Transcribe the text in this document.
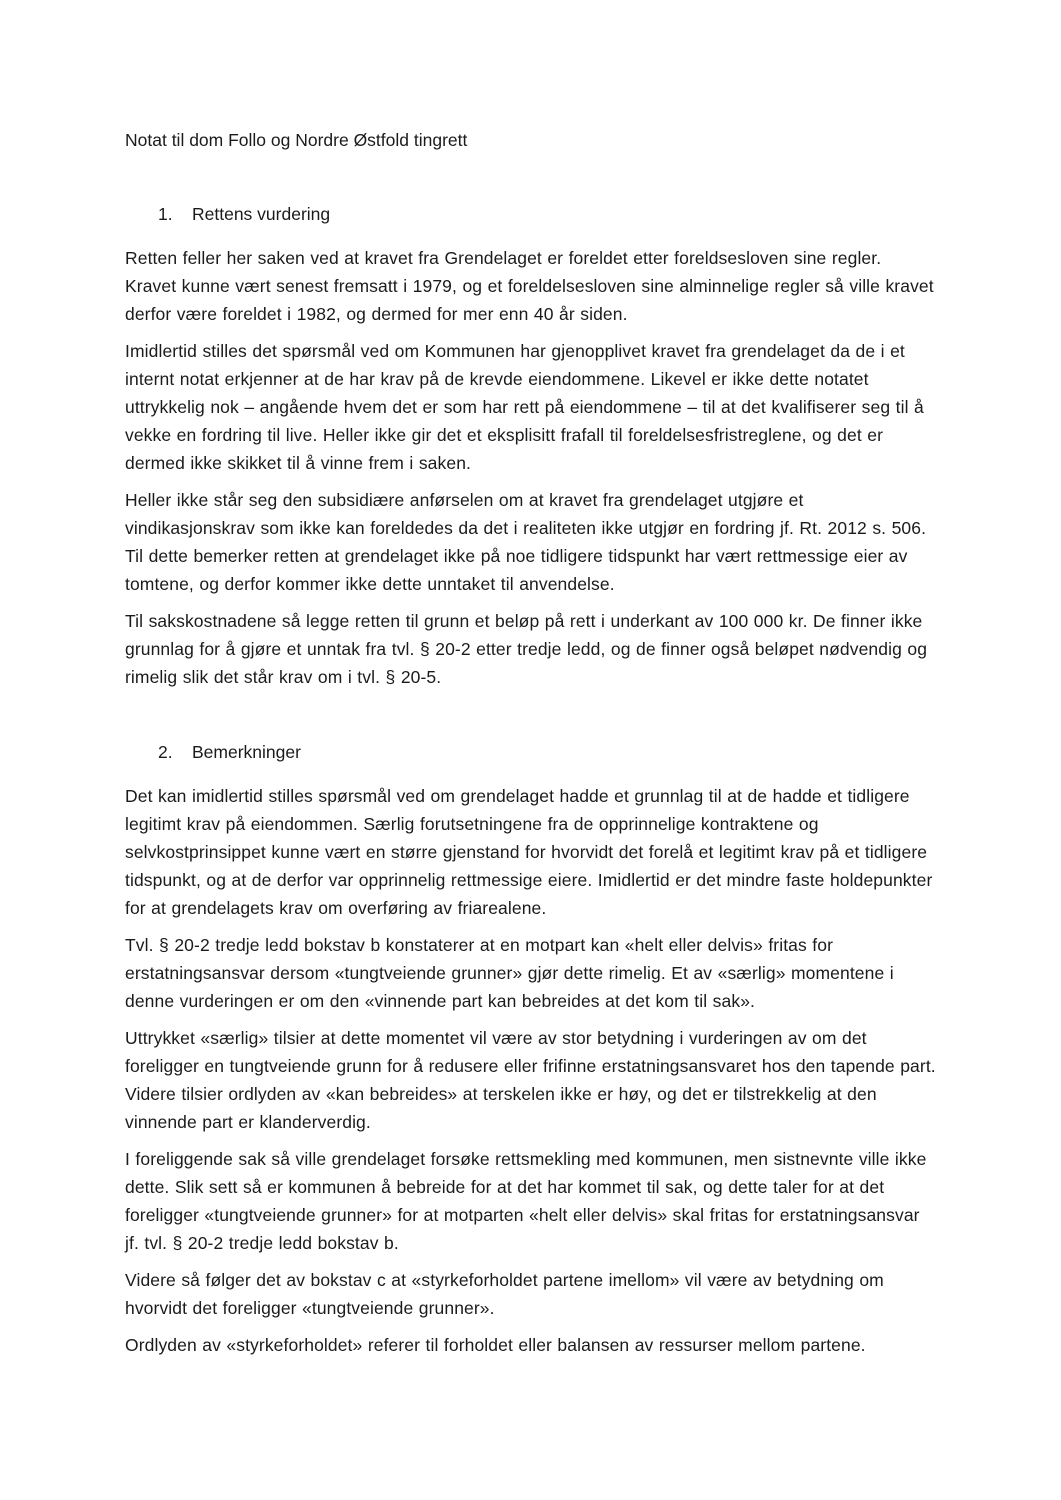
Notat til dom Follo og Nordre Østfold tingrett

1.	Rettens vurdering

Retten feller her saken ved at kravet fra Grendelaget er foreldet etter foreldsesloven sine regler. Kravet kunne vært senest fremsatt i 1979, og et foreldelsesloven sine alminnelige regler så ville kravet derfor være foreldet i 1982, og dermed for mer enn 40 år siden.

Imidlertid stilles det spørsmål ved om Kommunen har gjenopplivet kravet fra grendelaget da de i et internt notat erkjenner at de har krav på de krevde eiendommene. Likevel er ikke dette notatet uttrykkelig nok – angående hvem det er som har rett på eiendommene – til at det kvalifiserer seg til å vekke en fordring til live. Heller ikke gir det et eksplisitt frafall til foreldelsesfristreglene, og det er dermed ikke skikket til å vinne frem i saken.

Heller ikke står seg den subsidiære anførselen om at kravet fra grendelaget utgjøre et vindikasjonskrav som ikke kan foreldedes da det i realiteten ikke utgjør en fordring jf. Rt. 2012 s. 506. Til dette bemerker retten at grendelaget ikke på noe tidligere tidspunkt har vært rettmessige eier av tomtene, og derfor kommer ikke dette unntaket til anvendelse.

Til sakskostnadene så legge retten til grunn et beløp på rett i underkant av 100 000 kr. De finner ikke grunnlag for å gjøre et unntak fra tvl. § 20-2 etter tredje ledd, og de finner også beløpet nødvendig og rimelig slik det står krav om i tvl. § 20-5.

2.	Bemerkninger

Det kan imidlertid stilles spørsmål ved om grendelaget hadde et grunnlag til at de hadde et tidligere legitimt krav på eiendommen. Særlig forutsetningene fra de opprinnelige kontraktene og selvkostprinsippet kunne vært en større gjenstand for hvorvidt det forelå et legitimt krav på et tidligere tidspunkt, og at de derfor var opprinnelig rettmessige eiere. Imidlertid er det mindre faste holdepunkter for at grendelagets krav om overføring av friarealene.

Tvl. § 20-2 tredje ledd bokstav b konstaterer at en motpart kan «helt eller delvis» fritas for erstatningsansvar dersom «tungtveiende grunner» gjør dette rimelig. Et av «særlig» momentene i denne vurderingen er om den «vinnende part kan bebreides at det kom til sak».

Uttrykket «særlig» tilsier at dette momentet vil være av stor betydning i vurderingen av om det foreligger en tungtveiende grunn for å redusere eller frifinne erstatningsansvaret hos den tapende part. Videre tilsier ordlyden av «kan bebreides» at terskelen ikke er høy, og det er tilstrekkelig at den vinnende part er klanderverdig.

I foreliggende sak så ville grendelaget forsøke rettsmekling med kommunen, men sistnevnte ville ikke dette. Slik sett så er kommunen å bebreide for at det har kommet til sak, og dette taler for at det foreligger «tungtveiende grunner» for at motparten «helt eller delvis» skal fritas for erstatningsansvar jf. tvl. § 20-2 tredje ledd bokstav b.

Videre så følger det av bokstav c at «styrkeforholdet partene imellom» vil være av betydning om hvorvidt det foreligger «tungtveiende grunner».

Ordlyden av «styrkeforholdet» referer til forholdet eller balansen av ressurser mellom partene.
